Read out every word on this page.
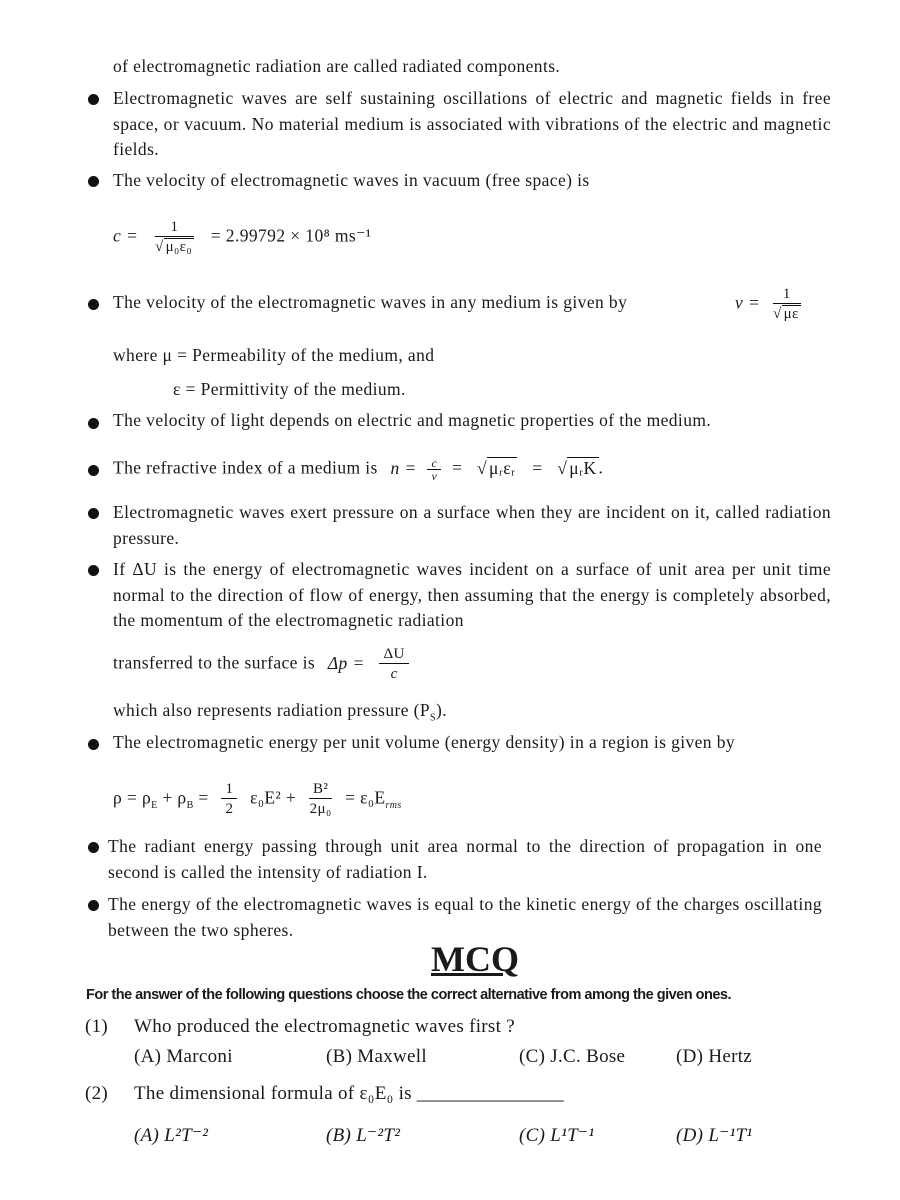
of electromagnetic radiation are called radiated components.
Electromagnetic waves are self sustaining oscillations of electric and magnetic fields in free space, or vacuum. No material medium is associated with vibrations of the electric and magnetic fields.
The velocity of electromagnetic waves in vacuum (free space) is
$c = \frac{1}{\text{√ μ₀ε₀}} = 2.99792 \times 10^8$ ms⁻¹
The velocity of the electromagnetic waves in any medium is given by	$v = \frac{1}{√ \mu\varepsilon}$
where μ = Permeability of the medium, and
ε = Permittivity of the medium.
The velocity of light depends on electric and magnetic properties of the medium.
The refractive index of a medium is $n = \frac{c}{v}$ = √ μᵣεᵣ = √ μᵣK .
Electromagnetic waves exert pressure on a surface when they are incident on it, called radiation pressure.
If ΔU is the energy of electromagnetic waves incident on a surface of unit area per unit time normal to the direction of flow of energy, then assuming that the energy is completely absorbed, the momentum of the electromagnetic radiation
transferred to the surface is $\Delta p = \frac{\Delta U}{c}$
which also represents radiation pressure $(P_S)$.
The electromagnetic energy per unit volume (energy density) in a region is given by
$\rho = \rho_E + \rho_B = \frac{1}{2} \varepsilon_0E^2 + \frac{\text{B²}}{\text{2μ₀}} = \varepsilon_0E_{rms}$
The radiant energy passing through unit area normal to the direction of propagation in one second is called the intensity of radiation I.
The energy of the electromagnetic waves is equal to the kinetic energy of the charges oscillating between the two spheres.
MCQ
For the answer of the following questions choose the correct alternative from among the given ones.
(1) Who produced the electromagnetic waves first ?
(A) Marconi	(B) Maxwell	(C) J.C. Bose	(D) Hertz
(2) The dimensional formula of ε₀E₀ is _______________
(A) L²T⁻²	(B) L⁻²T²	(C) L¹T⁻¹	(D) L⁻¹T¹
